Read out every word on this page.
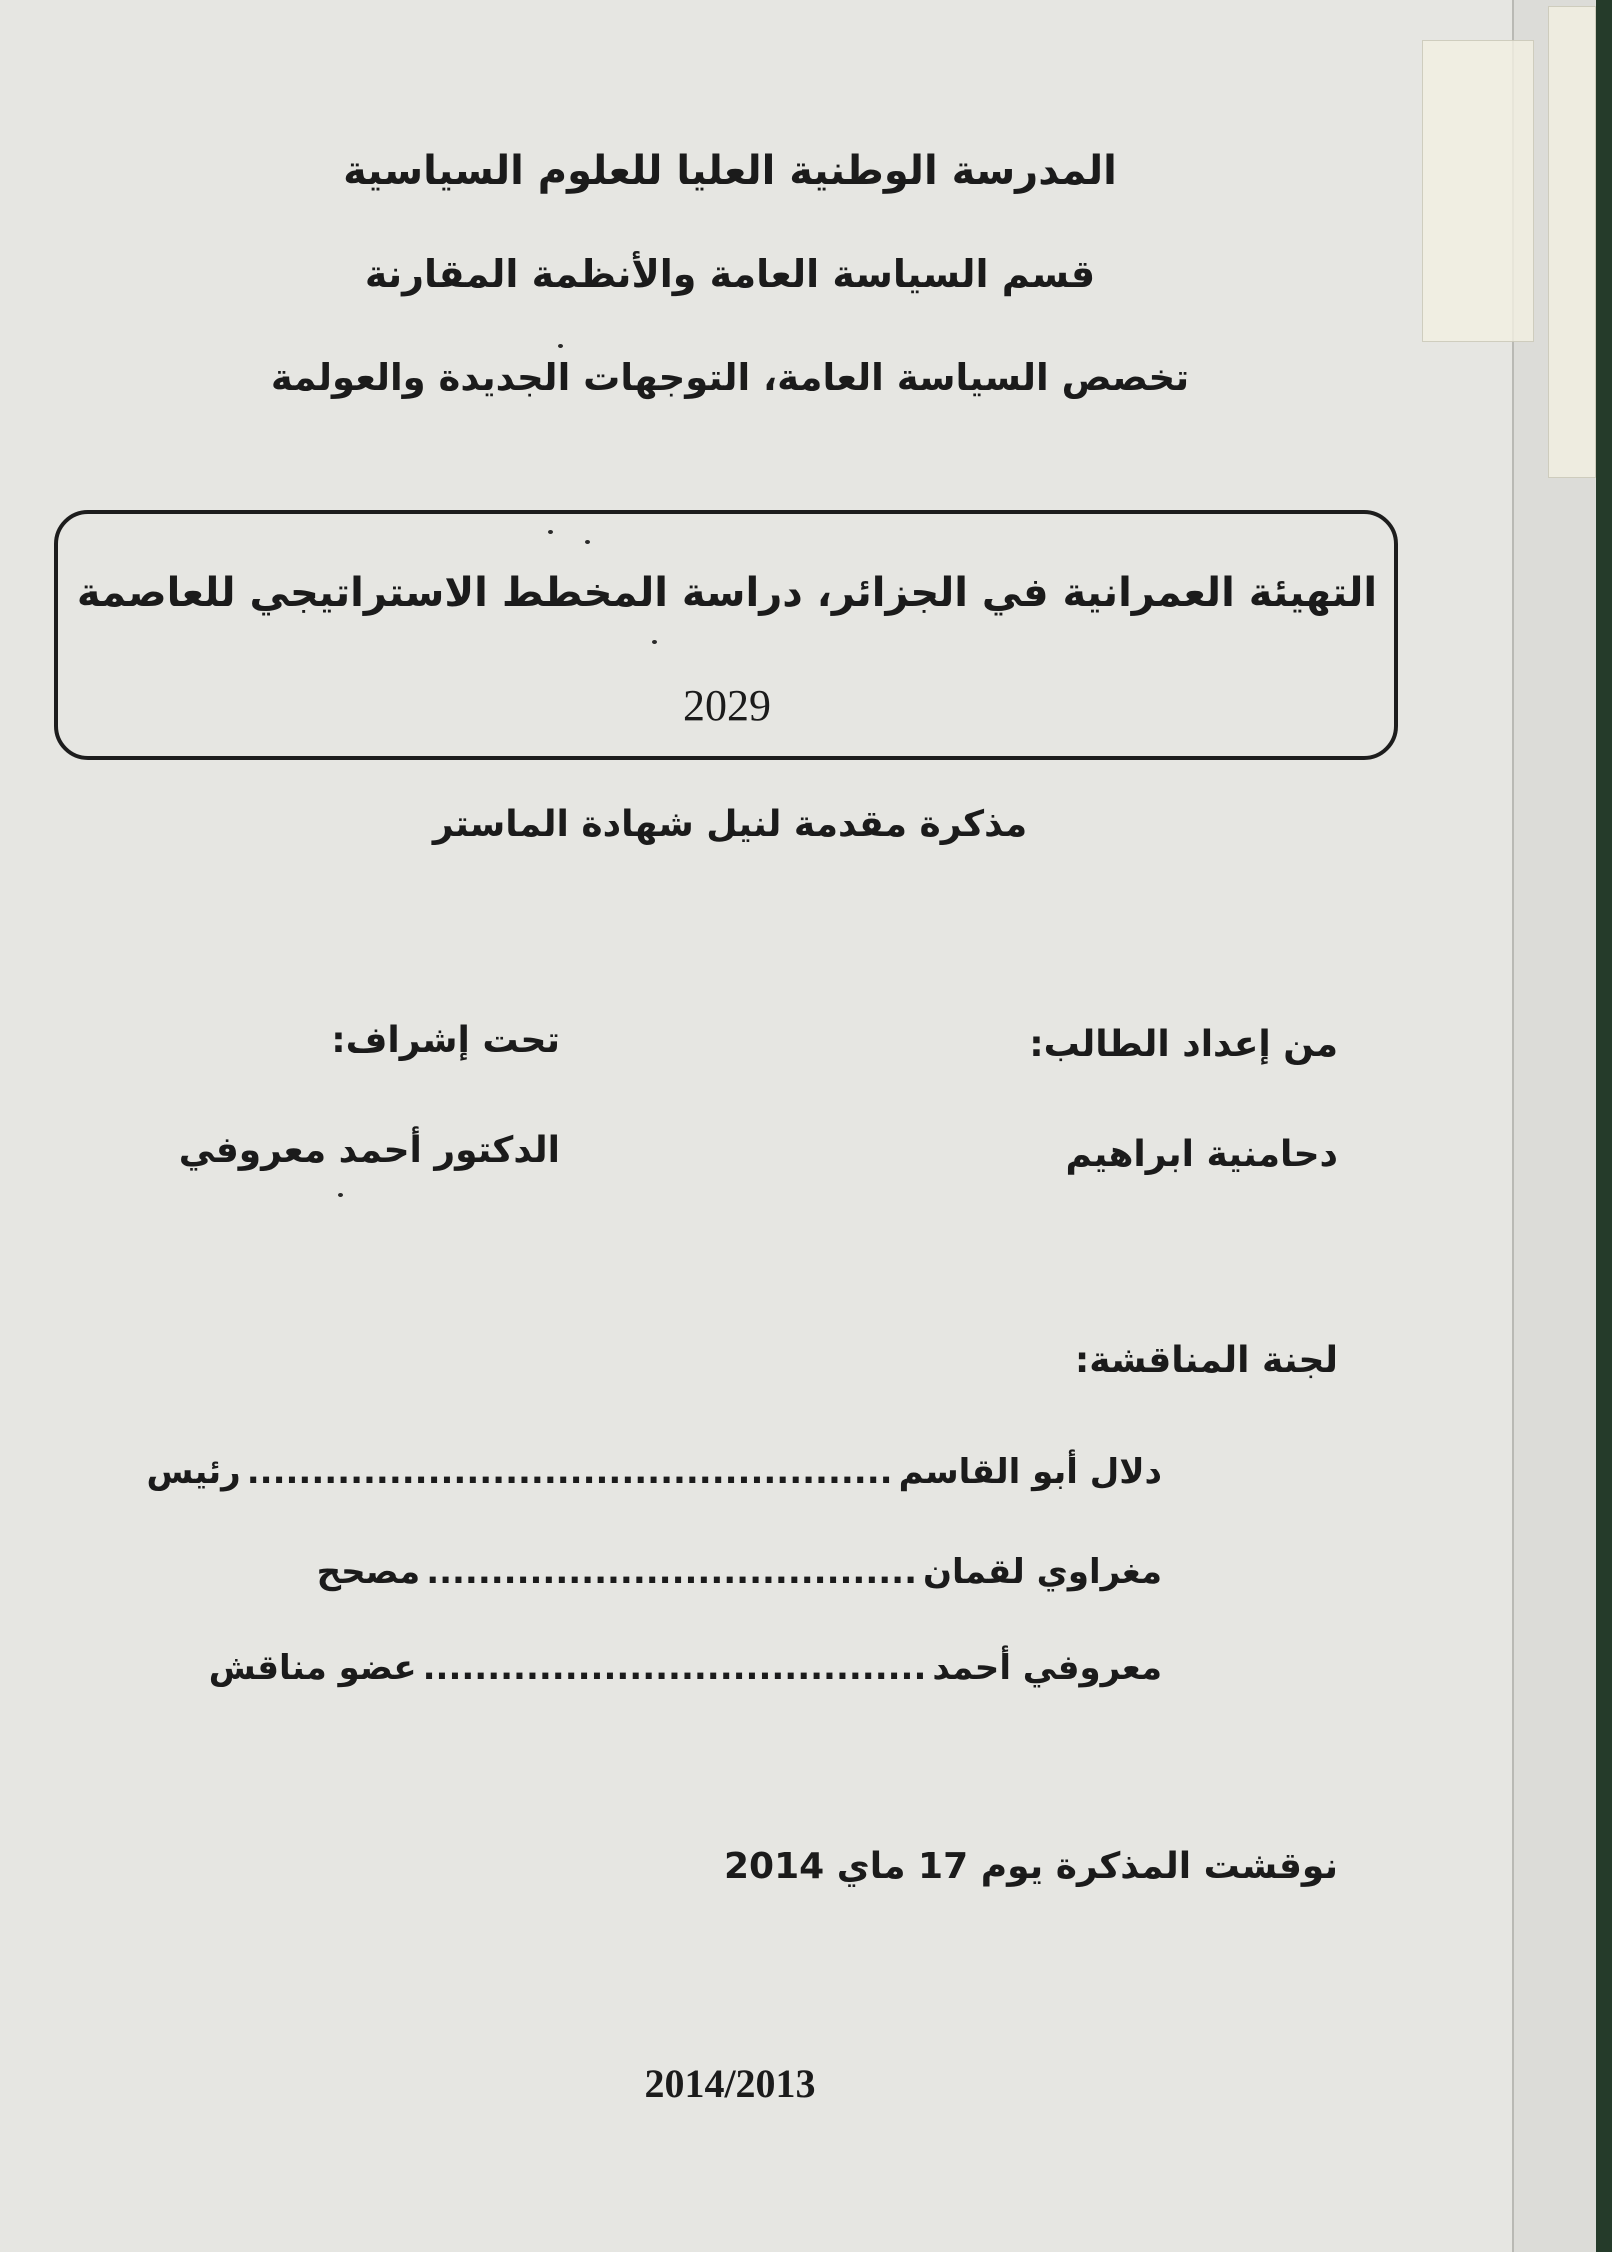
المدرسة الوطنية العليا للعلوم السياسية

قسم السياسة العامة والأنظمة المقارنة

تخصص السياسة العامة، التوجهات الجديدة والعولمة

التهيئة العمرانية في الجزائر، دراسة المخطط الاستراتيجي للعاصمة

2029

مذكرة مقدمة لنيل شهادة الماستر

من إعداد الطالب:

تحت إشراف:

دحامنية ابراهيم

الدكتور أحمد معروفي

لجنة المناقشة:

دلال أبو القاسم
..................................................
رئيس
مغراوي لقمان
......................................
مصحح
معروفي أحمد
.......................................
عضو مناقش

نوقشت المذكرة يوم 17 ماي 2014

2014/2013
